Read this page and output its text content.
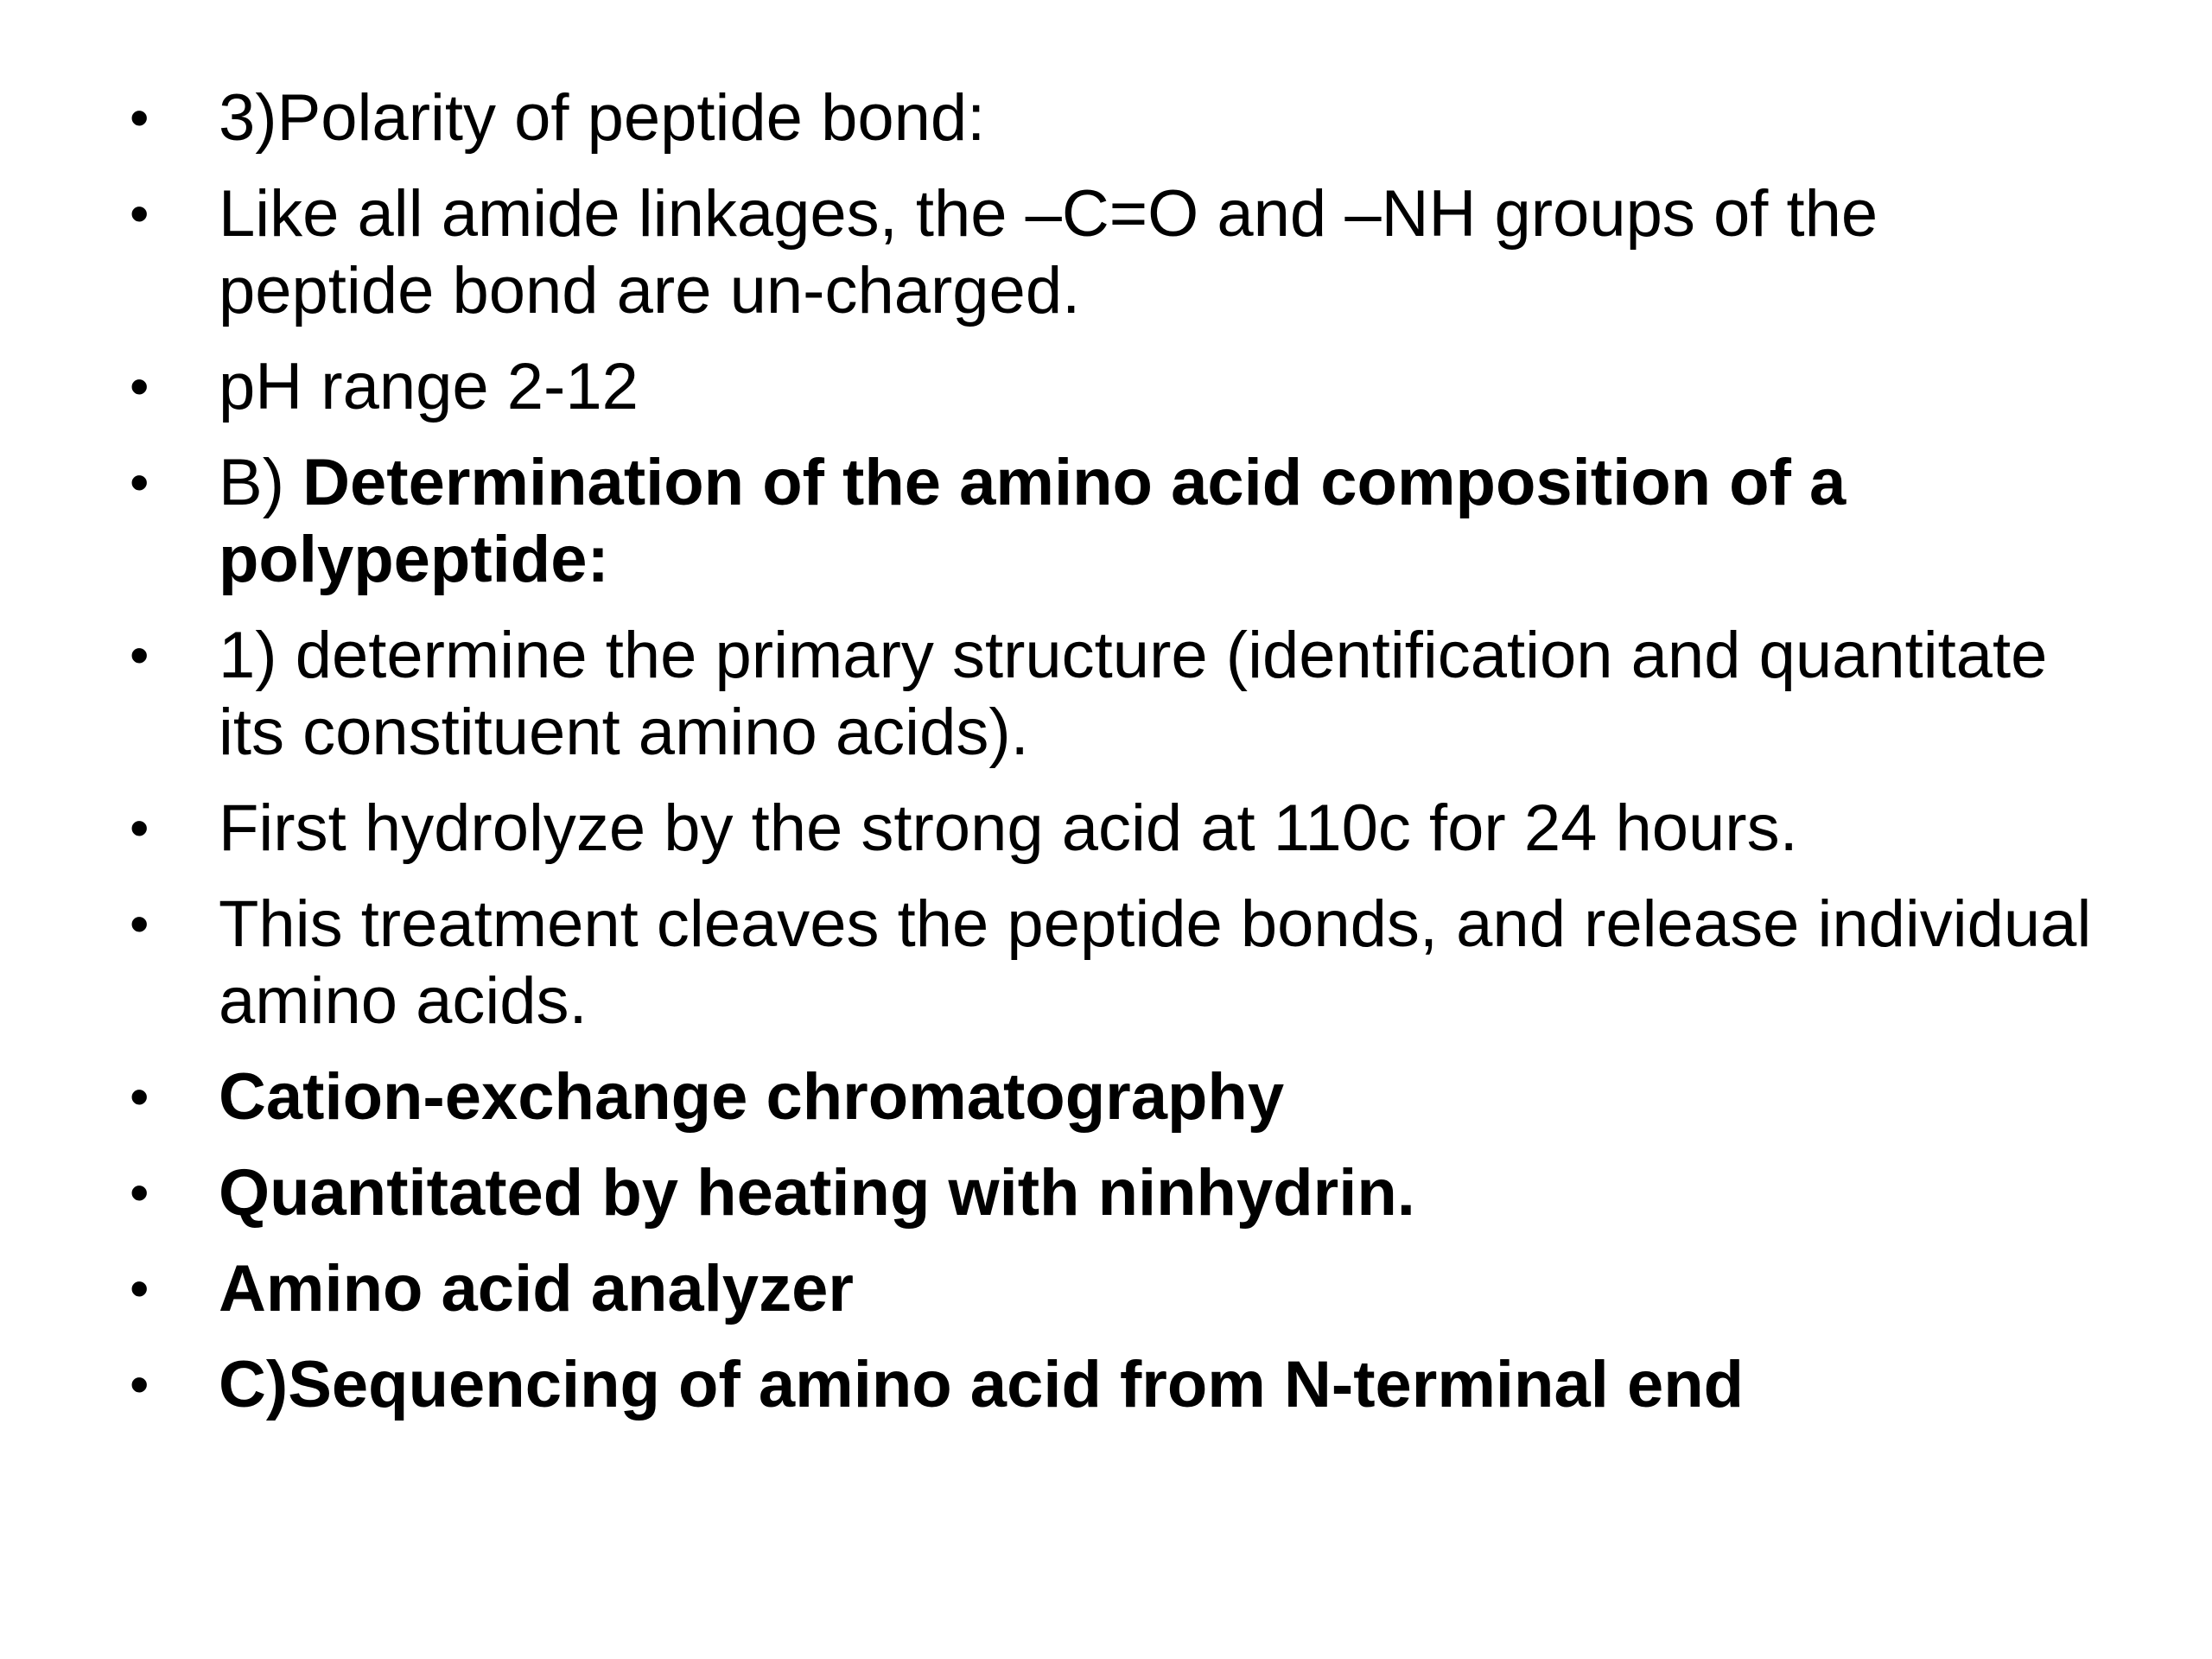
• 3)Polarity of peptide bond:
• Like all amide linkages, the –C=O and –NH groups of the peptide bond are un-charged.
• pH range 2-12
• B) Determination of the amino acid composition of a polypeptide:
• 1) determine the primary structure (identification and quantitate its constituent amino acids).
• First hydrolyze by the strong acid at 110c for 24 hours.
• This treatment cleaves the peptide bonds, and release individual amino acids.
• Cation-exchange chromatography
• Quantitated by heating with ninhydrin.
• Amino acid analyzer
• C)Sequencing of amino acid from N-terminal end
